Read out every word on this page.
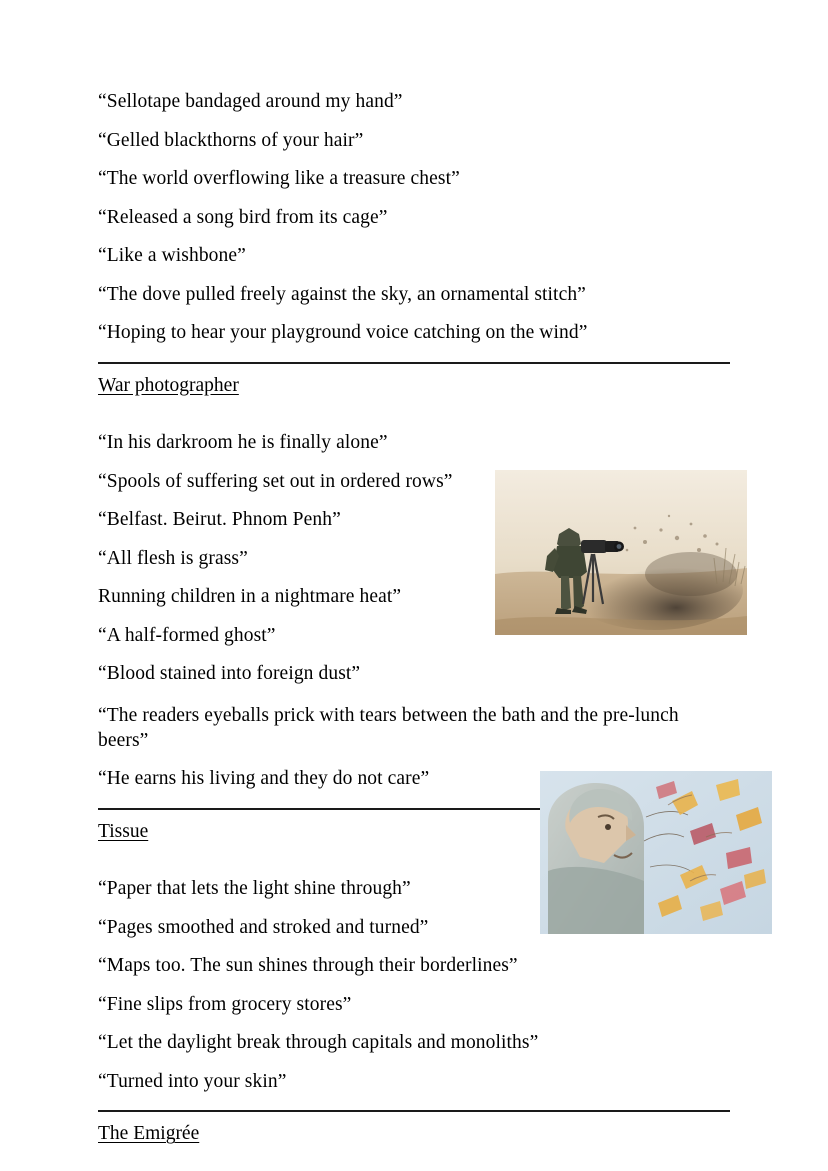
“Sellotape bandaged around my hand”

“Gelled blackthorns of your hair”

“The world overflowing like a treasure chest”

“Released a song bird from its cage”

“Like a wishbone”

“The dove pulled freely against the sky, an ornamental stitch”

“Hoping to hear your playground voice catching on the wind”

War photographer

“In his darkroom he is finally alone”

“Spools of suffering set out in ordered rows”

“Belfast. Beirut. Phnom Penh”

“All flesh is grass”

Running children in a nightmare heat”

“A half-formed ghost”

“Blood stained into foreign dust”

“The readers eyeballs prick with tears between the bath and the pre-lunch beers”

“He earns his living and they do not care”

Tissue

“Paper that lets the light shine through”

“Pages smoothed and stroked and turned”

“Maps too. The sun shines through their borderlines”

“Fine slips from grocery stores”

“Let the daylight break through capitals and monoliths”

“Turned into your skin”

The Emigrée
